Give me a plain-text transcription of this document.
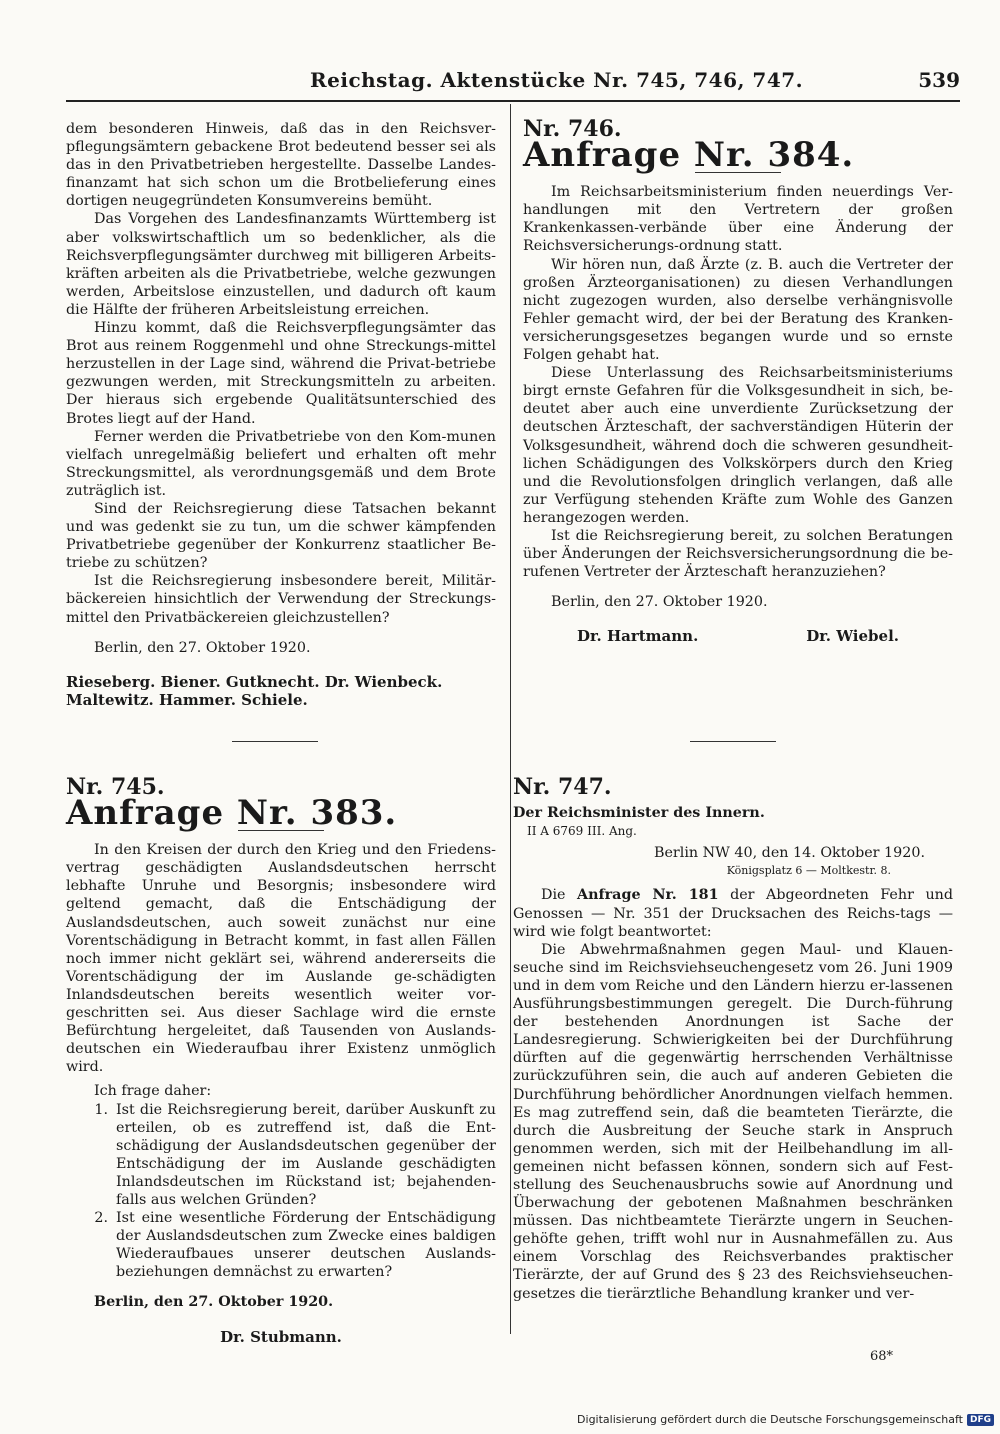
Reichstag. Aktenstücke Nr. 745, 746, 747.	539

dem besonderen Hinweis, daß das in den Reichsver-pflegungsämtern gebackene Brot bedeutend besser sei als das in den Privatbetrieben hergestellte. Dasselbe Landes-finanzamt hat sich schon um die Brotbelieferung eines dortigen neugegründeten Konsumvereins bemüht.

Das Vorgehen des Landesfinanzamts Württemberg ist aber volkswirtschaftlich um so bedenklicher, als die Reichsverpflegungsämter durchweg mit billigeren Arbeits-kräften arbeiten als die Privatbetriebe, welche gezwungen werden, Arbeitslose einzustellen, und dadurch oft kaum die Hälfte der früheren Arbeitsleistung erreichen.

Hinzu kommt, daß die Reichsverpflegungsämter das Brot aus reinem Roggenmehl und ohne Streckungs-mittel herzustellen in der Lage sind, während die Privat-betriebe gezwungen werden, mit Streckungsmitteln zu arbeiten. Der hieraus sich ergebende Qualitätsunterschied des Brotes liegt auf der Hand.

Ferner werden die Privatbetriebe von den Kom-munen vielfach unregelmäßig beliefert und erhalten oft mehr Streckungsmittel, als verordnungsgemäß und dem Brote zuträglich ist.

Sind der Reichsregierung diese Tatsachen bekannt und was gedenkt sie zu tun, um die schwer kämpfenden Privatbetriebe gegenüber der Konkurrenz staatlicher Be-triebe zu schützen?

Ist die Reichsregierung insbesondere bereit, Militär-bäckereien hinsichtlich der Verwendung der Streckungs-mittel den Privatbäckereien gleichzustellen?

Berlin, den 27. Oktober 1920.

Rieseberg. Biener. Gutknecht. Dr. Wienbeck.

Maltewitz. Hammer. Schiele.

Nr. 745.

Anfrage Nr. 383.

In den Kreisen der durch den Krieg und den Friedens-vertrag geschädigten Auslandsdeutschen herrscht lebhafte Unruhe und Besorgnis; insbesondere wird geltend gemacht, daß die Entschädigung der Auslandsdeutschen, auch soweit zunächst nur eine Vorentschädigung in Betracht kommt, in fast allen Fällen noch immer nicht geklärt sei, während andererseits die Vorentschädigung der im Auslande ge-schädigten Inlandsdeutschen bereits wesentlich weiter vor-geschritten sei. Aus dieser Sachlage wird die ernste Befürchtung hergeleitet, daß Tausenden von Auslands-deutschen ein Wiederaufbau ihrer Existenz unmöglich wird.

Ich frage daher:

1. Ist die Reichsregierung bereit, darüber Auskunft zu erteilen, ob es zutreffend ist, daß die Ent-schädigung der Auslandsdeutschen gegenüber der Entschädigung der im Auslande geschädigten Inlandsdeutschen im Rückstand ist; bejahenden-falls aus welchen Gründen?
2. Ist eine wesentliche Förderung der Entschädigung der Auslandsdeutschen zum Zwecke eines baldigen Wiederaufbaues unserer deutschen Auslands-beziehungen demnächst zu erwarten?

Berlin, den 27. Oktober 1920.

Dr. Stubmann.

Nr. 746.

Anfrage Nr. 384.

Im Reichsarbeitsministerium finden neuerdings Ver-handlungen mit den Vertretern der großen Krankenkassen-verbände über eine Änderung der Reichsversicherungs-ordnung statt.

Wir hören nun, daß Ärzte (z. B. auch die Vertreter der großen Ärzteorganisationen) zu diesen Verhandlungen nicht zugezogen wurden, also derselbe verhängnisvolle Fehler gemacht wird, der bei der Beratung des Kranken-versicherungsgesetzes begangen wurde und so ernste Folgen gehabt hat.

Diese Unterlassung des Reichsarbeitsministeriums birgt ernste Gefahren für die Volksgesundheit in sich, be-deutet aber auch eine unverdiente Zurücksetzung der deutschen Ärzteschaft, der sachverständigen Hüterin der Volksgesundheit, während doch die schweren gesundheit-lichen Schädigungen des Volkskörpers durch den Krieg und die Revolutionsfolgen dringlich verlangen, daß alle zur Verfügung stehenden Kräfte zum Wohle des Ganzen herangezogen werden.

Ist die Reichsregierung bereit, zu solchen Beratungen über Änderungen der Reichsversicherungsordnung die be-rufenen Vertreter der Ärzteschaft heranzuziehen?

Berlin, den 27. Oktober 1920.

Dr. Hartmann.	Dr. Wiebel.

Nr. 747.

Der Reichsminister des Innern.

II A 6769 III. Ang.

Berlin NW 40, den 14. Oktober 1920.

Königsplatz 6 — Moltkestr. 8.

Die Anfrage Nr. 181 der Abgeordneten Fehr und Genossen — Nr. 351 der Drucksachen des Reichs-tags — wird wie folgt beantwortet:

Die Abwehrmaßnahmen gegen Maul- und Klauen-seuche sind im Reichsviehseuchengesetz vom 26. Juni 1909 und in dem vom Reiche und den Ländern hierzu er-lassenen Ausführungsbestimmungen geregelt. Die Durch-führung der bestehenden Anordnungen ist Sache der Landesregierung. Schwierigkeiten bei der Durchführung dürften auf die gegenwärtig herrschenden Verhältnisse zurückzuführen sein, die auch auf anderen Gebieten die Durchführung behördlicher Anordnungen vielfach hemmen. Es mag zutreffend sein, daß die beamteten Tierärzte, die durch die Ausbreitung der Seuche stark in Anspruch genommen werden, sich mit der Heilbehandlung im all-gemeinen nicht befassen können, sondern sich auf Fest-stellung des Seuchenausbruchs sowie auf Anordnung und Überwachung der gebotenen Maßnahmen beschränken müssen. Das nichtbeamtete Tierärzte ungern in Seuchen-gehöfte gehen, trifft wohl nur in Ausnahmefällen zu. Aus einem Vorschlag des Reichsverbandes praktischer Tierärzte, der auf Grund des § 23 des Reichsviehseuchen-gesetzes die tierärztliche Behandlung kranker und ver-

68*
Digitalisierung gefördert durch die Deutsche Forschungsgemeinschaft DFG
